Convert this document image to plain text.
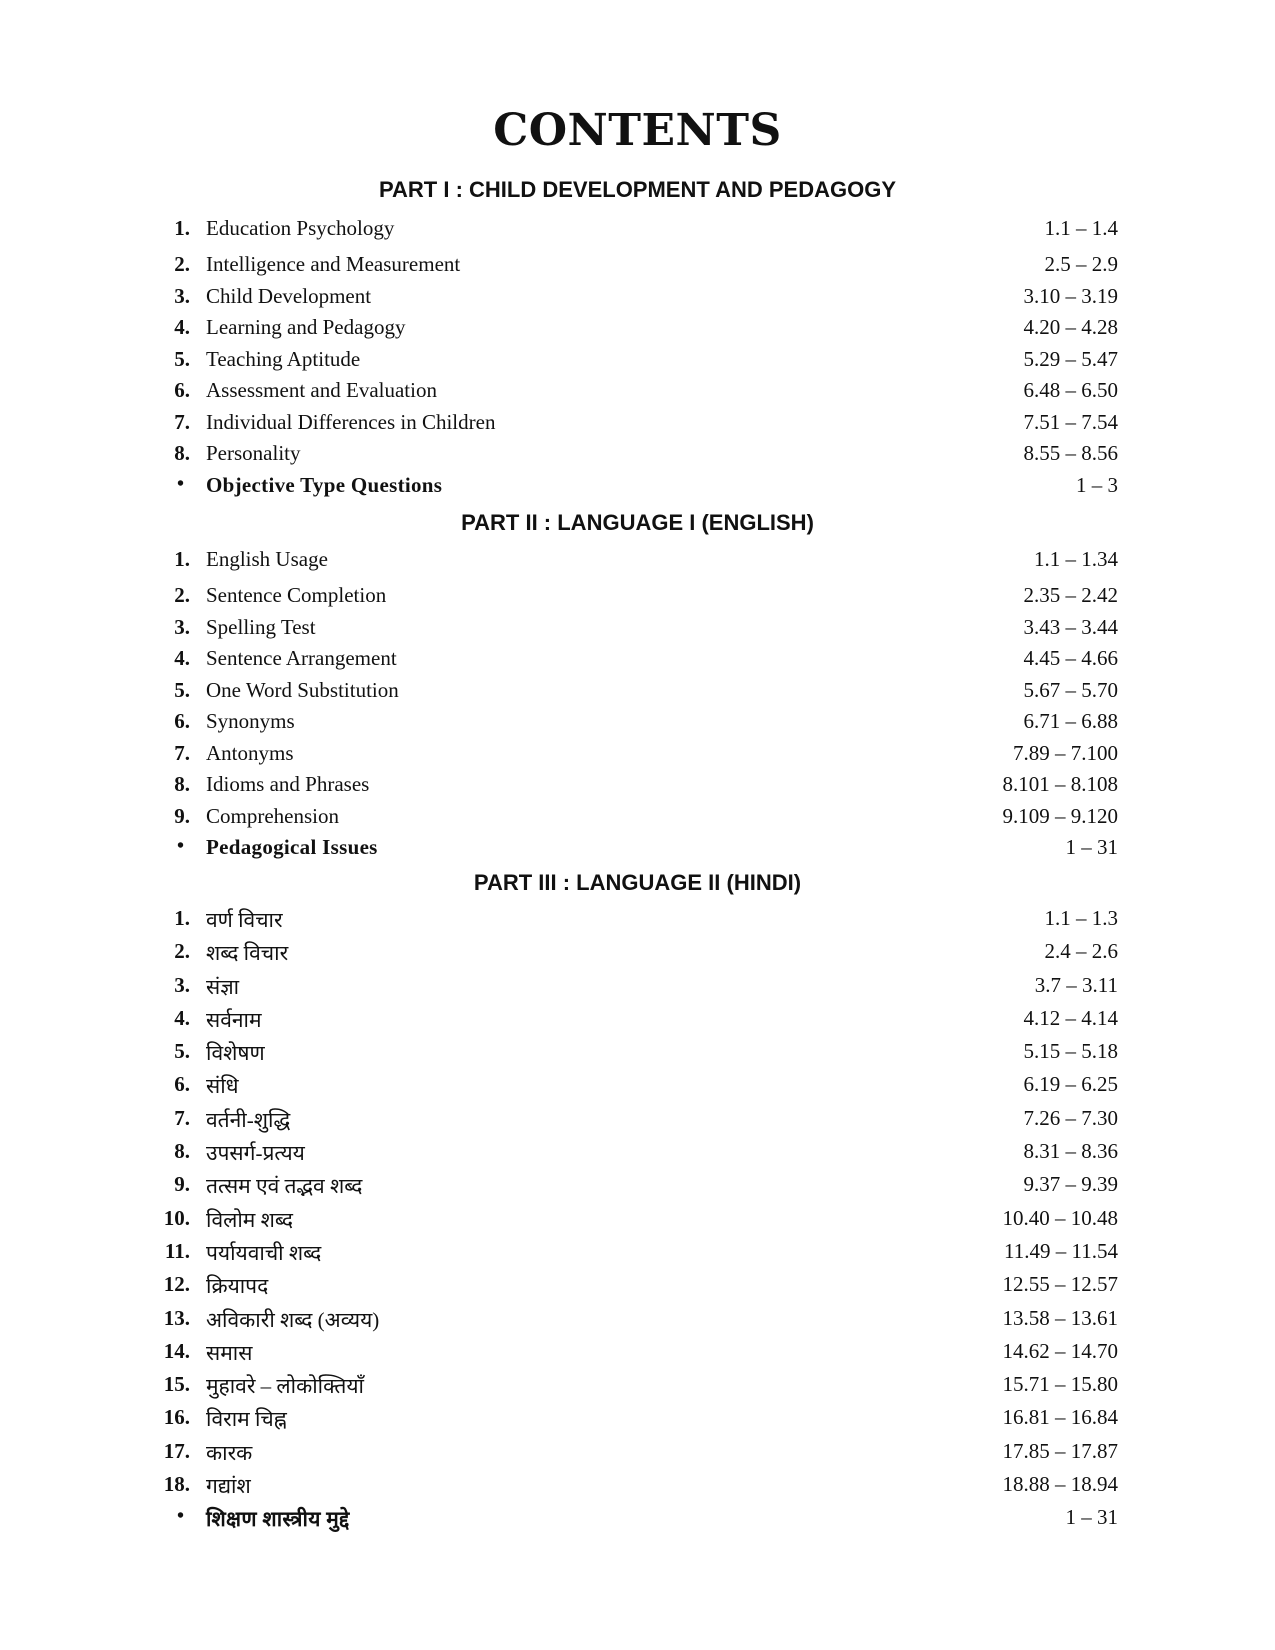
CONTENTS
PART I : CHILD DEVELOPMENT AND PEDAGOGY
1. Education Psychology	1.1 – 1.4
2. Intelligence and Measurement	2.5 – 2.9
3. Child Development	3.10 – 3.19
4. Learning and Pedagogy	4.20 – 4.28
5. Teaching Aptitude	5.29 – 5.47
6. Assessment and Evaluation	6.48 – 6.50
7. Individual Differences in Children	7.51 – 7.54
8. Personality	8.55 – 8.56
• Objective Type Questions	1 – 3
PART II : LANGUAGE I (ENGLISH)
1. English Usage	1.1 – 1.34
2. Sentence Completion	2.35 – 2.42
3. Spelling Test	3.43 – 3.44
4. Sentence Arrangement	4.45 – 4.66
5. One Word Substitution	5.67 – 5.70
6. Synonyms	6.71 – 6.88
7. Antonyms	7.89 – 7.100
8. Idioms and Phrases	8.101 – 8.108
9. Comprehension	9.109 – 9.120
• Pedagogical Issues	1 – 31
PART III : LANGUAGE II (HINDI)
1. वर्ण विचार	1.1 – 1.3
2. शब्द विचार	2.4 – 2.6
3. संज्ञा	3.7 – 3.11
4. सर्वनाम	4.12 – 4.14
5. विशेषण	5.15 – 5.18
6. संधि	6.19 – 6.25
7. वर्तनी-शुद्धि	7.26 – 7.30
8. उपसर्ग-प्रत्यय	8.31 – 8.36
9. तत्सम एवं तद्भव शब्द	9.37 – 9.39
10. विलोम शब्द	10.40 – 10.48
11. पर्यायवाची शब्द	11.49 – 11.54
12. क्रियापद	12.55 – 12.57
13. अविकारी शब्द (अव्यय)	13.58 – 13.61
14. समास	14.62 – 14.70
15. मुहावरे – लोकोक्तियाँ	15.71 – 15.80
16. विराम चिह्न	16.81 – 16.84
17. कारक	17.85 – 17.87
18. गद्यांश	18.88 – 18.94
• शिक्षण शास्त्रीय मुद्दे	1 – 31
